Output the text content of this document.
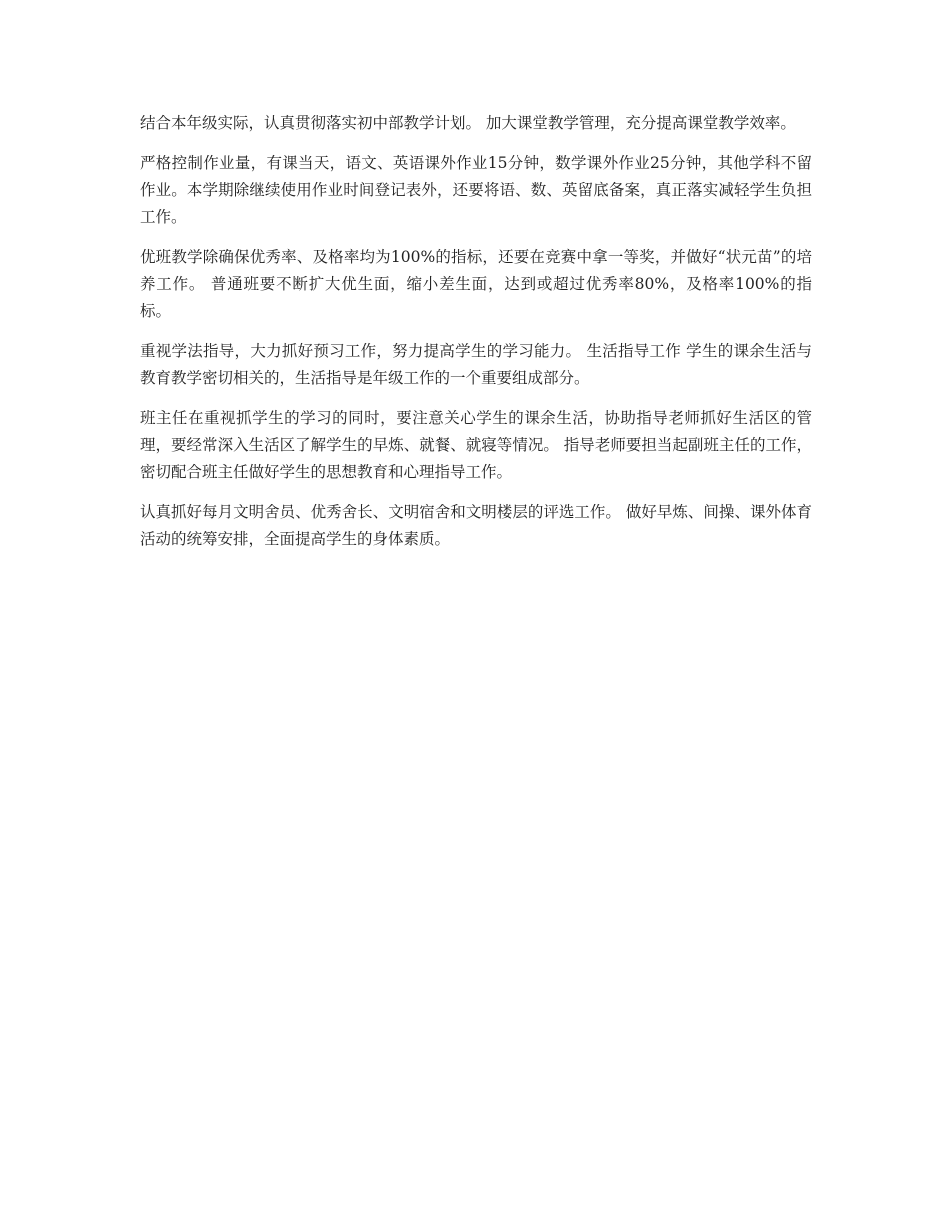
结合本年级实际，认真贯彻落实初中部教学计划。 加大课堂教学管理，充分提高课堂教学效率。

严格控制作业量，有课当天，语文、英语课外作业15分钟，数学课外作业25分钟，其他学科不留作业。本学期除继续使用作业时间登记表外，还要将语、数、英留底备案，真正落实减轻学生负担工作。

优班教学除确保优秀率、及格率均为100%的指标，还要在竞赛中拿一等奖，并做好“状元苗”的培养工作。 普通班要不断扩大优生面，缩小差生面，达到或超过优秀率80%，及格率100%的指标。

重视学法指导，大力抓好预习工作，努力提高学生的学习能力。 生活指导工作 学生的课余生活与教育教学密切相关的，生活指导是年级工作的一个重要组成部分。

班主任在重视抓学生的学习的同时，要注意关心学生的课余生活，协助指导老师抓好生活区的管理，要经常深入生活区了解学生的早炼、就餐、就寝等情况。 指导老师要担当起副班主任的工作，密切配合班主任做好学生的思想教育和心理指导工作。

认真抓好每月文明舍员、优秀舍长、文明宿舍和文明楼层的评选工作。 做好早炼、间操、课外体育活动的统筹安排，全面提高学生的身体素质。
